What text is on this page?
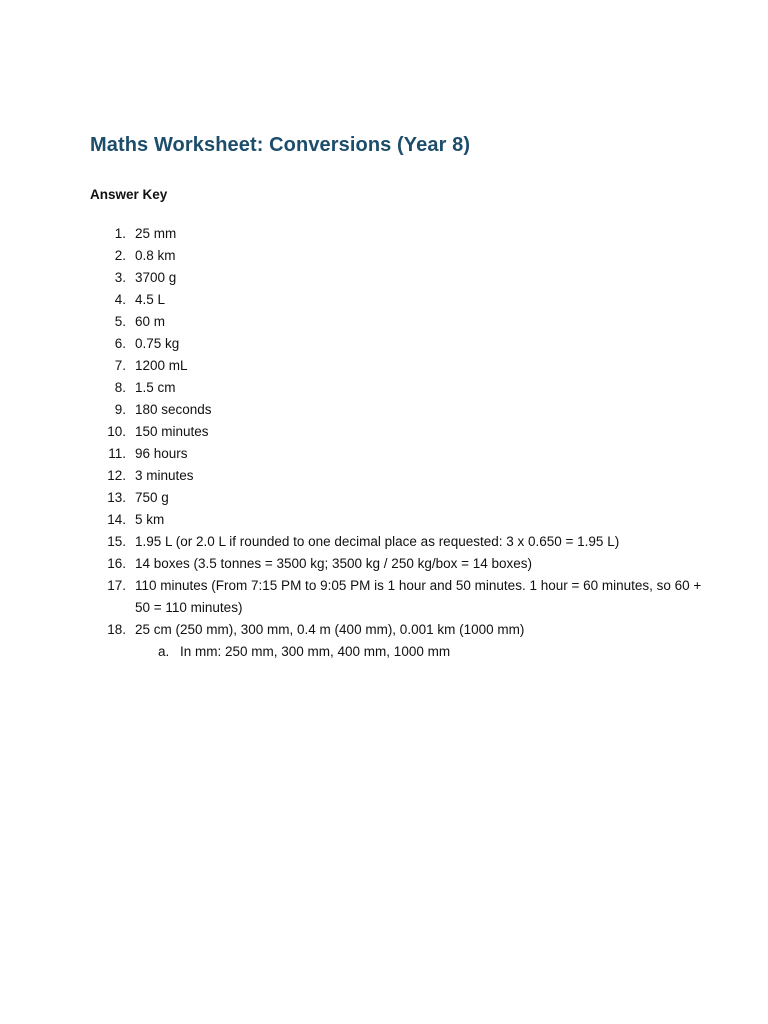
Maths Worksheet: Conversions (Year 8)
Answer Key
1. 25 mm
2. 0.8 km
3. 3700 g
4. 4.5 L
5. 60 m
6. 0.75 kg
7. 1200 mL
8. 1.5 cm
9. 180 seconds
10. 150 minutes
11. 96 hours
12. 3 minutes
13. 750 g
14. 5 km
15. 1.95 L (or 2.0 L if rounded to one decimal place as requested: 3 x 0.650 = 1.95 L)
16. 14 boxes (3.5 tonnes = 3500 kg; 3500 kg / 250 kg/box = 14 boxes)
17. 110 minutes (From 7:15 PM to 9:05 PM is 1 hour and 50 minutes. 1 hour = 60 minutes, so 60 + 50 = 110 minutes)
18. 25 cm (250 mm), 300 mm, 0.4 m (400 mm), 0.001 km (1000 mm)
a. In mm: 250 mm, 300 mm, 400 mm, 1000 mm
